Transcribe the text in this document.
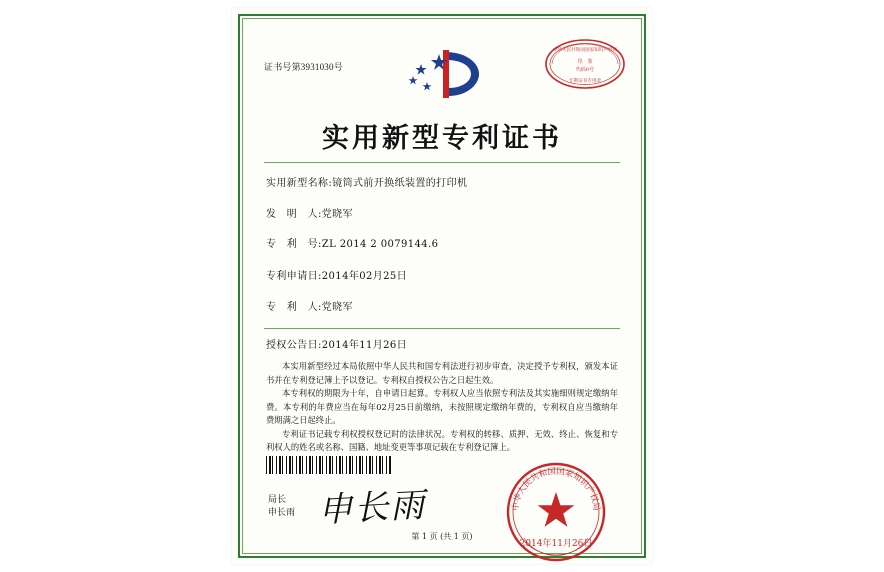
证书号第3931030号
中华人民共和国国家知识产权局
印　鉴
代码0号
专利证书专用章
实用新型专利证书
实用新型名称:镜筒式前开换纸装置的打印机
发　明　人:党晓军
专　利　号:ZL 2014 2 0079144.6
专利申请日:2014年02月25日
专　利　人:党晓军
授权公告日:2014年11月26日

本实用新型经过本局依照中华人民共和国专利法进行初步审查，决定授予专利权，颁发本证书并在专利登记簿上予以登记。专利权自授权公告之日起生效。

本专利权的期限为十年，自申请日起算。专利权人应当依照专利法及其实施细则规定缴纳年费。本专利的年费应当在每年02月25日前缴纳，未按照规定缴纳年费的，专利权自应当缴纳年费期满之日起终止。

专利证书记载专利权授权登记时的法律状况。专利权的转移、质押、无效、终止、恢复和专利权人的姓名或名称、国籍、地址变更等事项记载在专利登记簿上。

局长
申长雨 申长雨	中华人民共和国国家知识产权局
2014年11月26日
第 1 页 (共 1 页)
